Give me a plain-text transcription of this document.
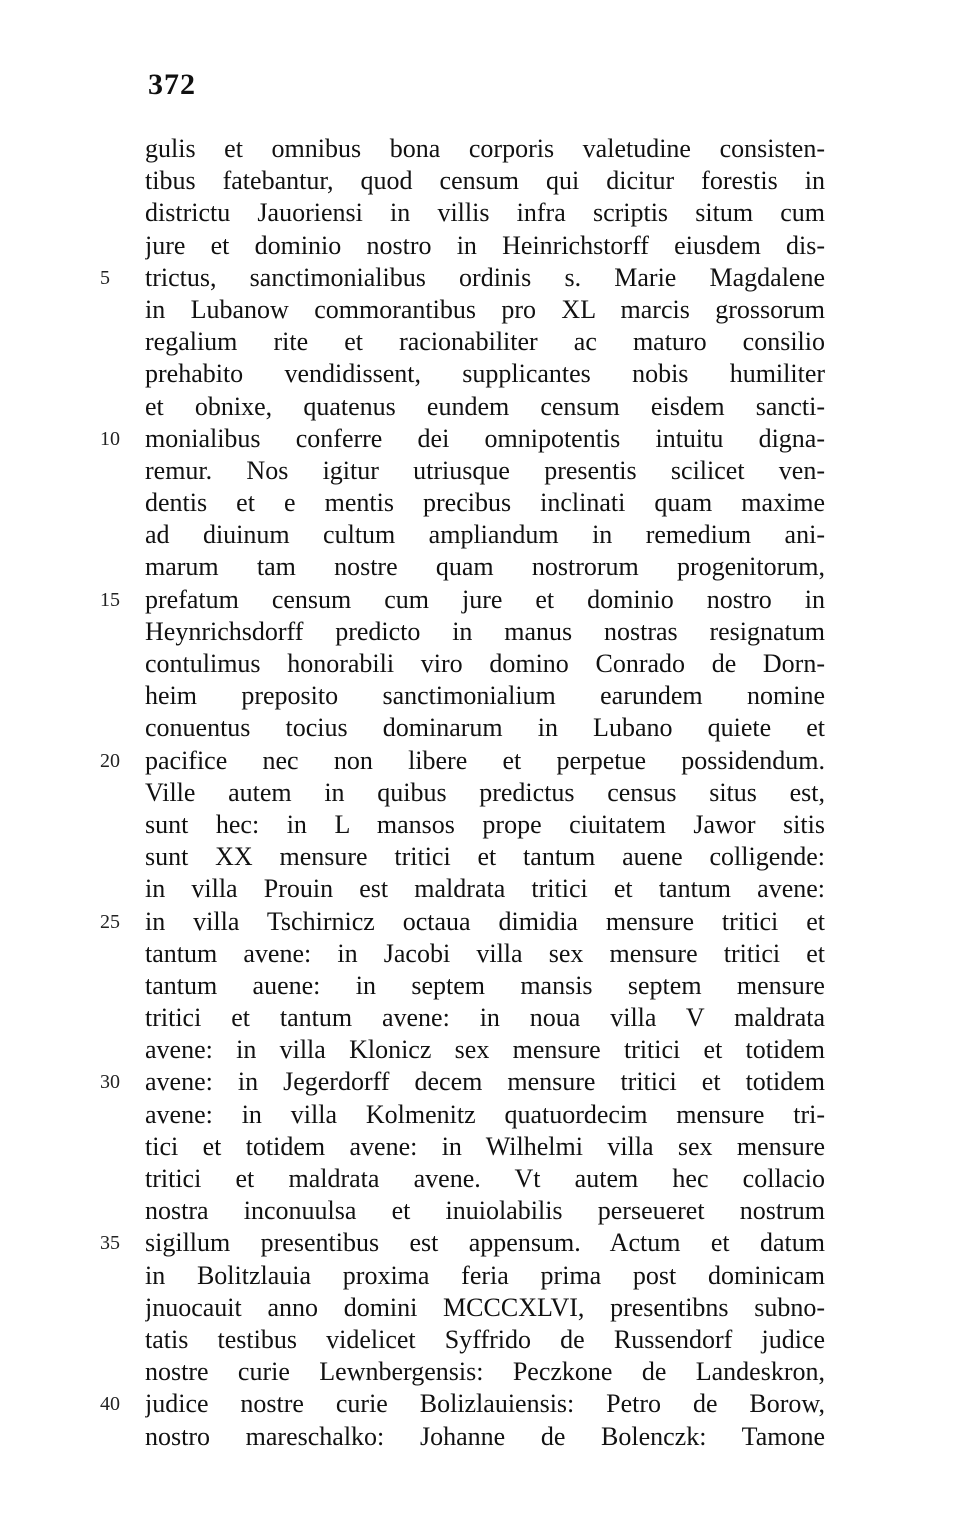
372
gulis et omnibus bona corporis valetudine consisten-
tibus fatebantur, quod censum qui dicitur forestis in
districtu Jauoriensi in villis infra scriptis situm cum
jure et dominio nostro in Heinrichstorff eiusdem dis-
5	trictus, sanctimonialibus ordinis s. Marie Magdalene
in Lubanow commorantibus pro XL marcis grossorum
regalium rite et racionabiliter ac maturo consilio
prehabito vendidissent, supplicantes nobis humiliter
et obnixe, quatenus eundem censum eisdem sancti-
10 monialibus conferre dei omnipotentis intuitu digna-
remur. Nos igitur utriusque presentis scilicet ven-
dentis et e mentis precibus inclinati quam maxime
ad diuinum cultum ampliandum in remedium ani-
marum tam nostre quam nostrorum progenitorum,
15 prefatum censum cum jure et dominio nostro in
Heynrichsdorff predicto in manus nostras resignatum
contulimus honorabili viro domino Conrado de Dorn-
heim preposito sanctimonialium earundem nomine
conuentus tocius dominarum in Lubano quiete et
20 pacifice nec non libere et perpetue possidendum.
Ville autem in quibus predictus census situs est,
sunt hec: in L mansos prope ciuitatem Jawor sitis
sunt XX mensure tritici et tantum auene colligende:
in villa Prouin est maldrata tritici et tantum avene:
25 in villa Tschirnicz octaua dimidia mensure tritici et
tantum avene: in Jacobi villa sex mensure tritici et
tantum auene: in septem mansis septem mensure
tritici et tantum avene: in noua villa V maldrata
avene: in villa Klonicz sex mensure tritici et totidem
30 avene: in Jegerdorff decem mensure tritici et totidem
avene: in villa Kolmenitz quatuordecim mensure tri-
tici et totidem avene: in Wilhelmi villa sex mensure
tritici et maldrata avene. Vt autem hec collacio
nostra inconuulsa et inuiolabilis perseueret nostrum
35 sigillum presentibus est appensum. Actum et datum
in Bolitzlauia proxima feria prima post dominicam
jnuocauit anno domini MCCCXLVI, presentibns subno-
tatis testibus videlicet Syffrido de Russendorf judice
nostre curie Lewnbergensis: Peczkone de Landeskron,
40 judice nostre curie Bolizlauiensis: Petro de Borow,
nostro mareschalko: Johanne de Bolenczk: Tamone
